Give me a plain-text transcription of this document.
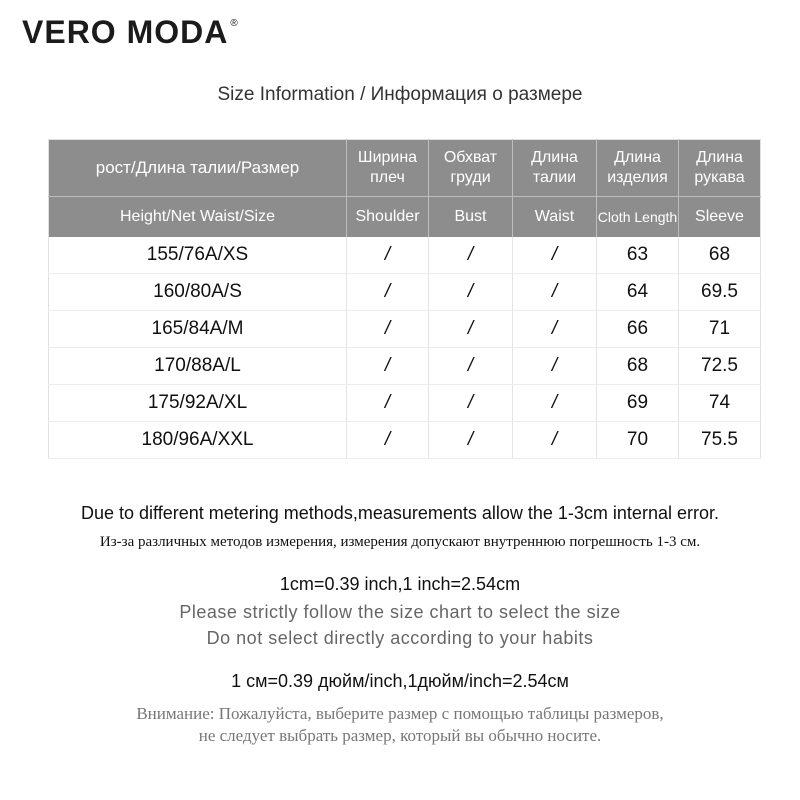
VERO MODA ®
Size Information / Информация о размере
рост/Длина талии/Размер	Ширина плеч	Обхват груди	Длина талии	Длина изделия	Длина рукава
Height/Net Waist/Size	Shoulder	Bust	Waist	Cloth Length	Sleeve
155/76A/XS	/	/	/	63	68
160/80A/S	/	/	/	64	69.5
165/84A/M	/	/	/	66	71
170/88A/L	/	/	/	68	72.5
175/92A/XL	/	/	/	69	74
180/96A/XXL	/	/	/	70	75.5
Due to different metering methods,measurements allow the 1-3cm internal error.
Из-за различных методов измерения, измерения допускают внутреннюю погрешность 1-3 см.
1cm=0.39 inch,1 inch=2.54cm
Please strictly follow the size chart to select the size
Do not select directly according to your habits
1 см=0.39 дюйм/inch,1дюйм/inch=2.54см
Внимание: Пожалуйста, выберите размер с помощью таблицы размеров,
не следует выбрать размер, который вы обычно носите.
